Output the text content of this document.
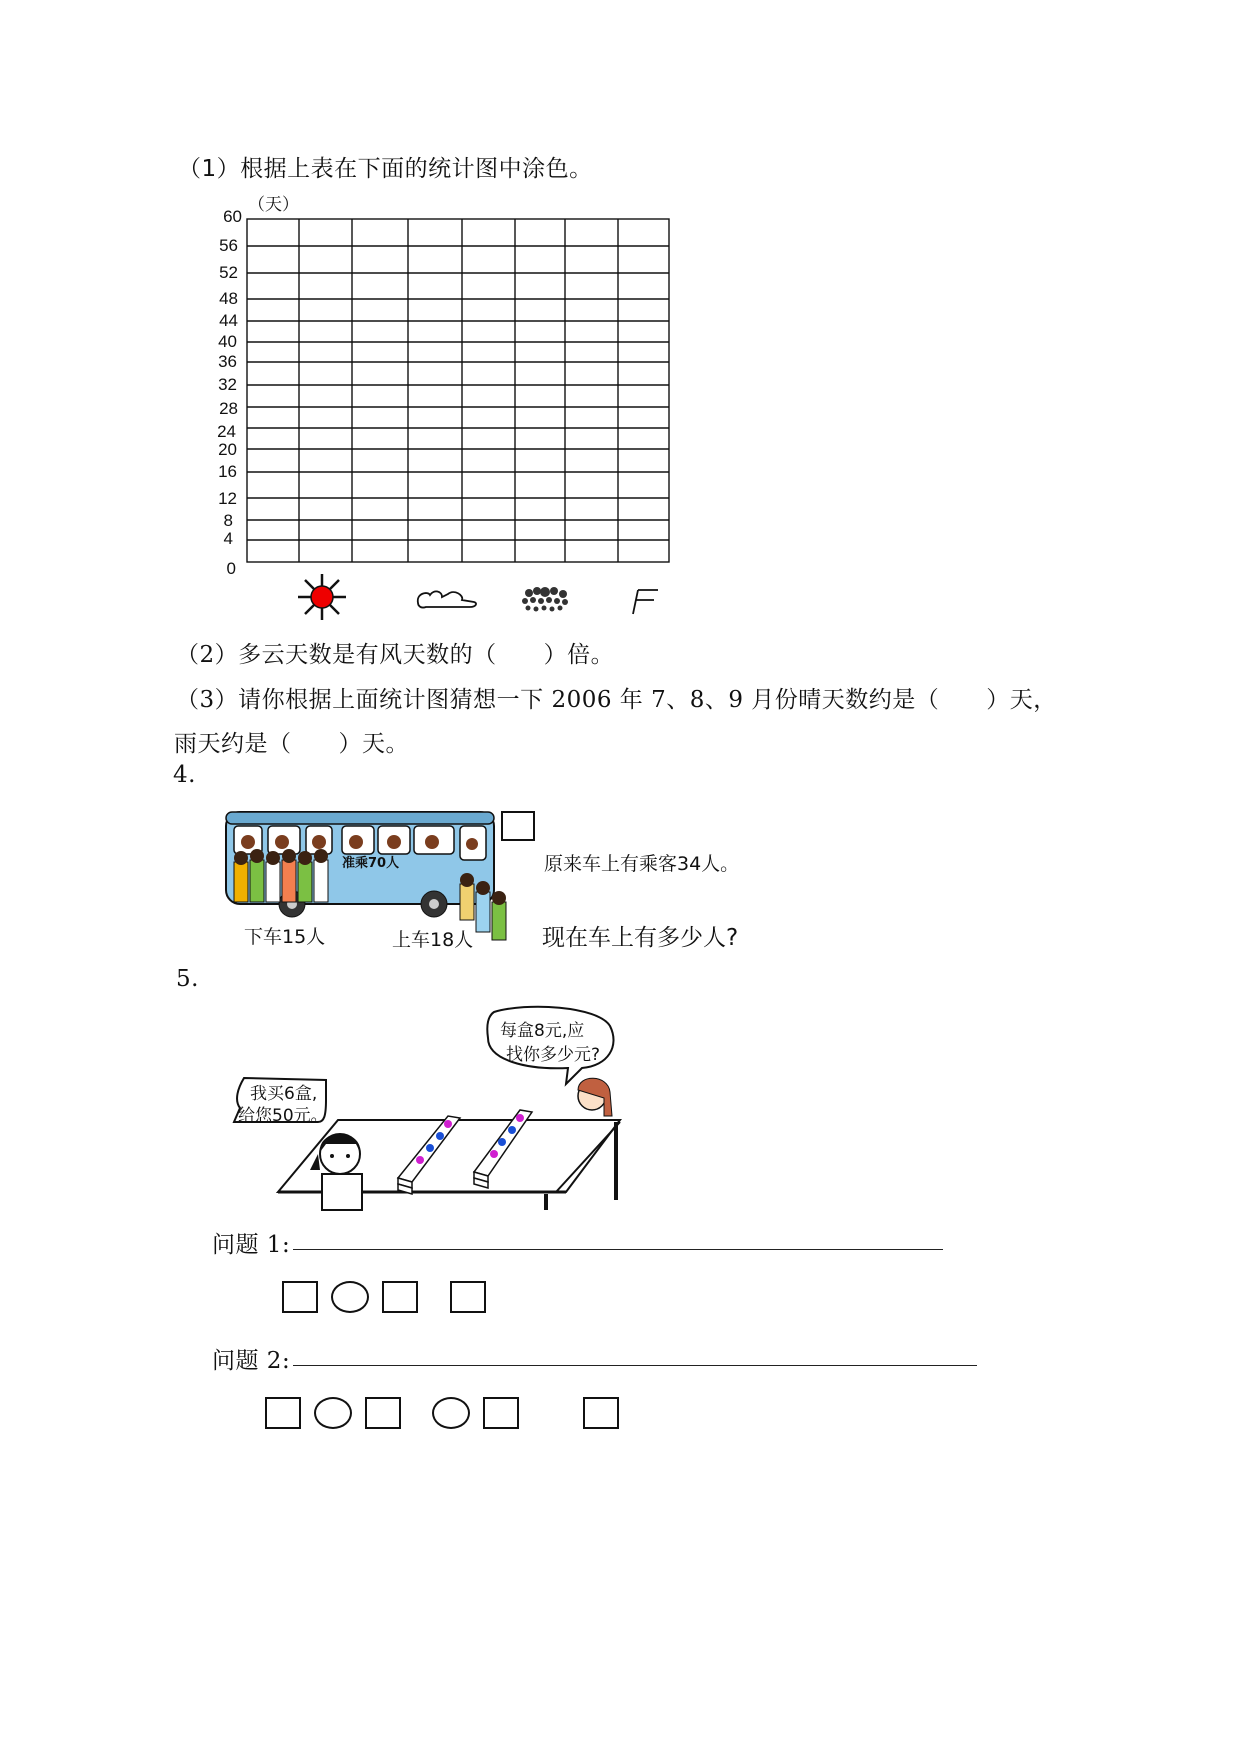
（1）根据上表在下面的统计图中涂色。
（天）
60
56
52
48
44
40
36
32
28
24
20
16
12
8
4
0
（2）多云天数是有风天数的（　　）倍。
（3）请你根据上面统计图猜想一下 2006 年 7、8、9 月份晴天数约是（　　）天，
雨天约是（　　）天。
4.
准乘70人
下车15人	上车18人
原来车上有乘客34人。
现在车上有多少人?
5.
每盒8元,应
找你多少元?
我买6盒,
给您50元。
问题 1:
问题 2:
